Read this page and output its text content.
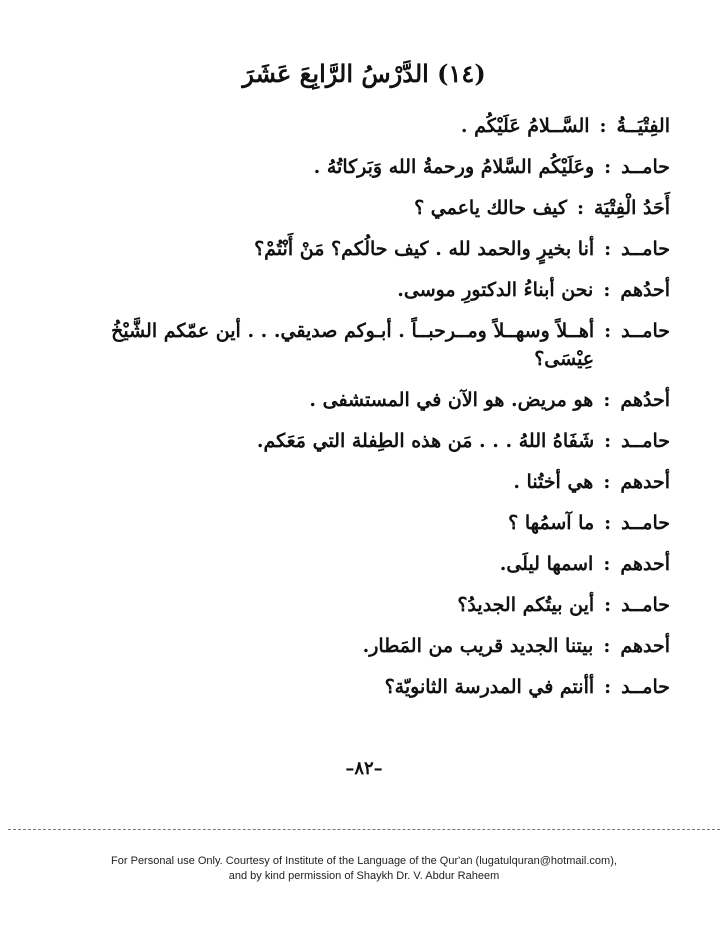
(١٤) الدَّرْسُ الرَّابِعَ عَشَرَ
الفِتْيَــةُ
:
السَّــلامُ عَلَيْكُم .
حامــد
:
وعَلَيْكُم السَّلامُ ورحمةُ الله وَبَركاتُهُ .
أَحَدُ الْفِتْيَة
:
كيف حالك ياعمي ؟
حامــد
:
أنا بخيرٍ والحمد لله . كيف حالُكم؟ مَنْ أَنْتُمْ؟
أحدُهم
:
نحن أبناءُ الدكتورِ موسى.
حامــد
:
أهــلاً وسهــلاً ومــرحبــاً . أبـوكم صديقي. . . أين عمّكم الشَّيْخُ عِيْسَى؟
أحدُهم
:
هو مريض. هو الآن في المستشفى .
حامــد
:
شَفَاهُ اللهُ . . . مَن هذه الطِفلة التي مَعَكم.
أحدهم
:
هي أختُنا .
حامــد
:
ما آسمُها ؟
أحدهم
:
اسمها ليلَى.
حامــد
:
أين بيتُكم الجديدُ؟
أحدهم
:
بيتنا الجديد قريب من المَطار.
حامــد
:
أأنتم في المدرسة الثانويّة؟

–٨٢–

For Personal use Only. Courtesy of Institute of the Language of the Qur'an (lugatulquran@hotmail.com),
and by kind permission of Shaykh Dr. V. Abdur Raheem
